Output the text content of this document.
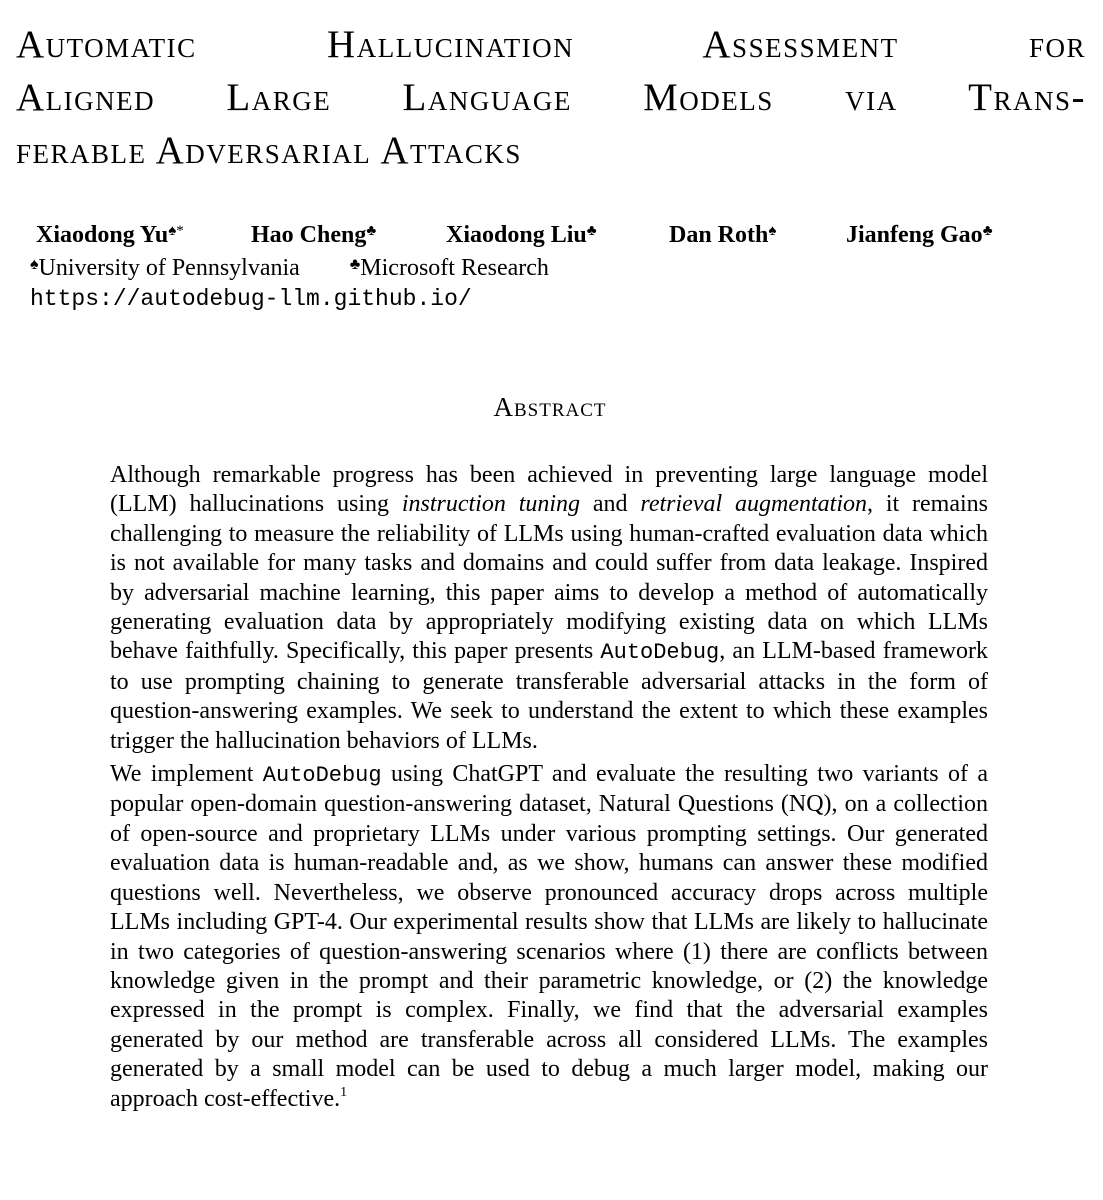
Automatic Hallucination Assessment for
Aligned Large Language Models via Trans-
ferable Adversarial Attacks
Xiaodong Yu♠*	Hao Cheng♣	Xiaodong Liu♣	Dan Roth♠	Jianfeng Gao♣
♠University of Pennsylvania	♣Microsoft Research
https://autodebug-llm.github.io/
Abstract

Although remarkable progress has been achieved in preventing large language model (LLM) hallucinations using instruction tuning and retrieval augmentation, it remains challenging to measure the reliability of LLMs using human-crafted evaluation data which is not available for many tasks and domains and could suffer from data leakage. Inspired by adversarial machine learning, this paper aims to develop a method of automatically generating evaluation data by appropriately modifying existing data on which LLMs behave faithfully. Specifically, this paper presents AutoDebug, an LLM-based framework to use prompting chaining to generate transferable adversarial attacks in the form of question-answering examples. We seek to understand the extent to which these examples trigger the hallucination behaviors of LLMs.

We implement AutoDebug using ChatGPT and evaluate the resulting two variants of a popular open-domain question-answering dataset, Natural Questions (NQ), on a collection of open-source and proprietary LLMs under various prompting settings. Our generated evaluation data is human-readable and, as we show, humans can answer these modified questions well. Nevertheless, we observe pronounced accuracy drops across multiple LLMs including GPT-4. Our experimental results show that LLMs are likely to hallucinate in two categories of question-answering scenarios where (1) there are conflicts between knowledge given in the prompt and their parametric knowledge, or (2) the knowledge expressed in the prompt is complex. Finally, we find that the adversarial examples generated by our method are transferable across all considered LLMs. The examples generated by a small model can be used to debug a much larger model, making our approach cost-effective.$^1$
